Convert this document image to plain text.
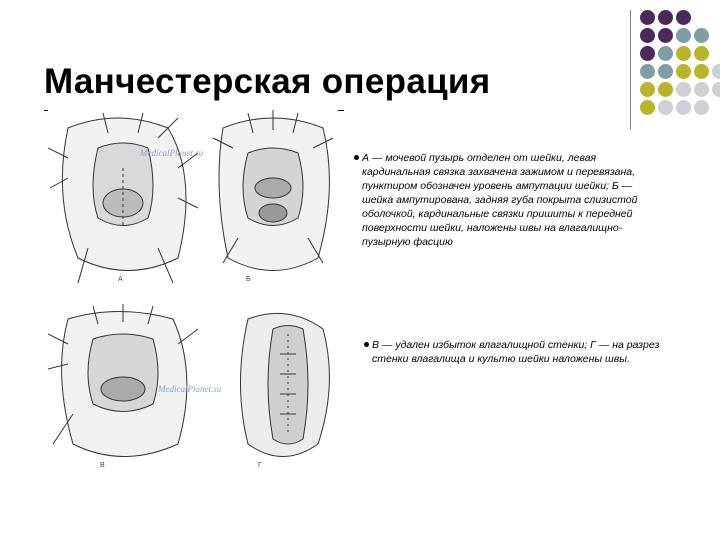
Манчестерская операция
MedicalPlanet.su
А	Б

А — мочевой пузырь отделен от шейки, левая кардинальная связка захвачена зажимом и перевязана, пунктиром обозначен уровень ампутации шейки; Б — шейка ампутирована, задняя губа покрыта слизистой оболочкой, кардинальные связки пришиты к передней поверхности шейки, наложены швы на влагалищно-пузырную фасцию

MedicalPlanet.su
В	Г

В — удален избыток влагалищной стенки; Г — на разрез стенки влагалища и культю шейки наложены швы.
